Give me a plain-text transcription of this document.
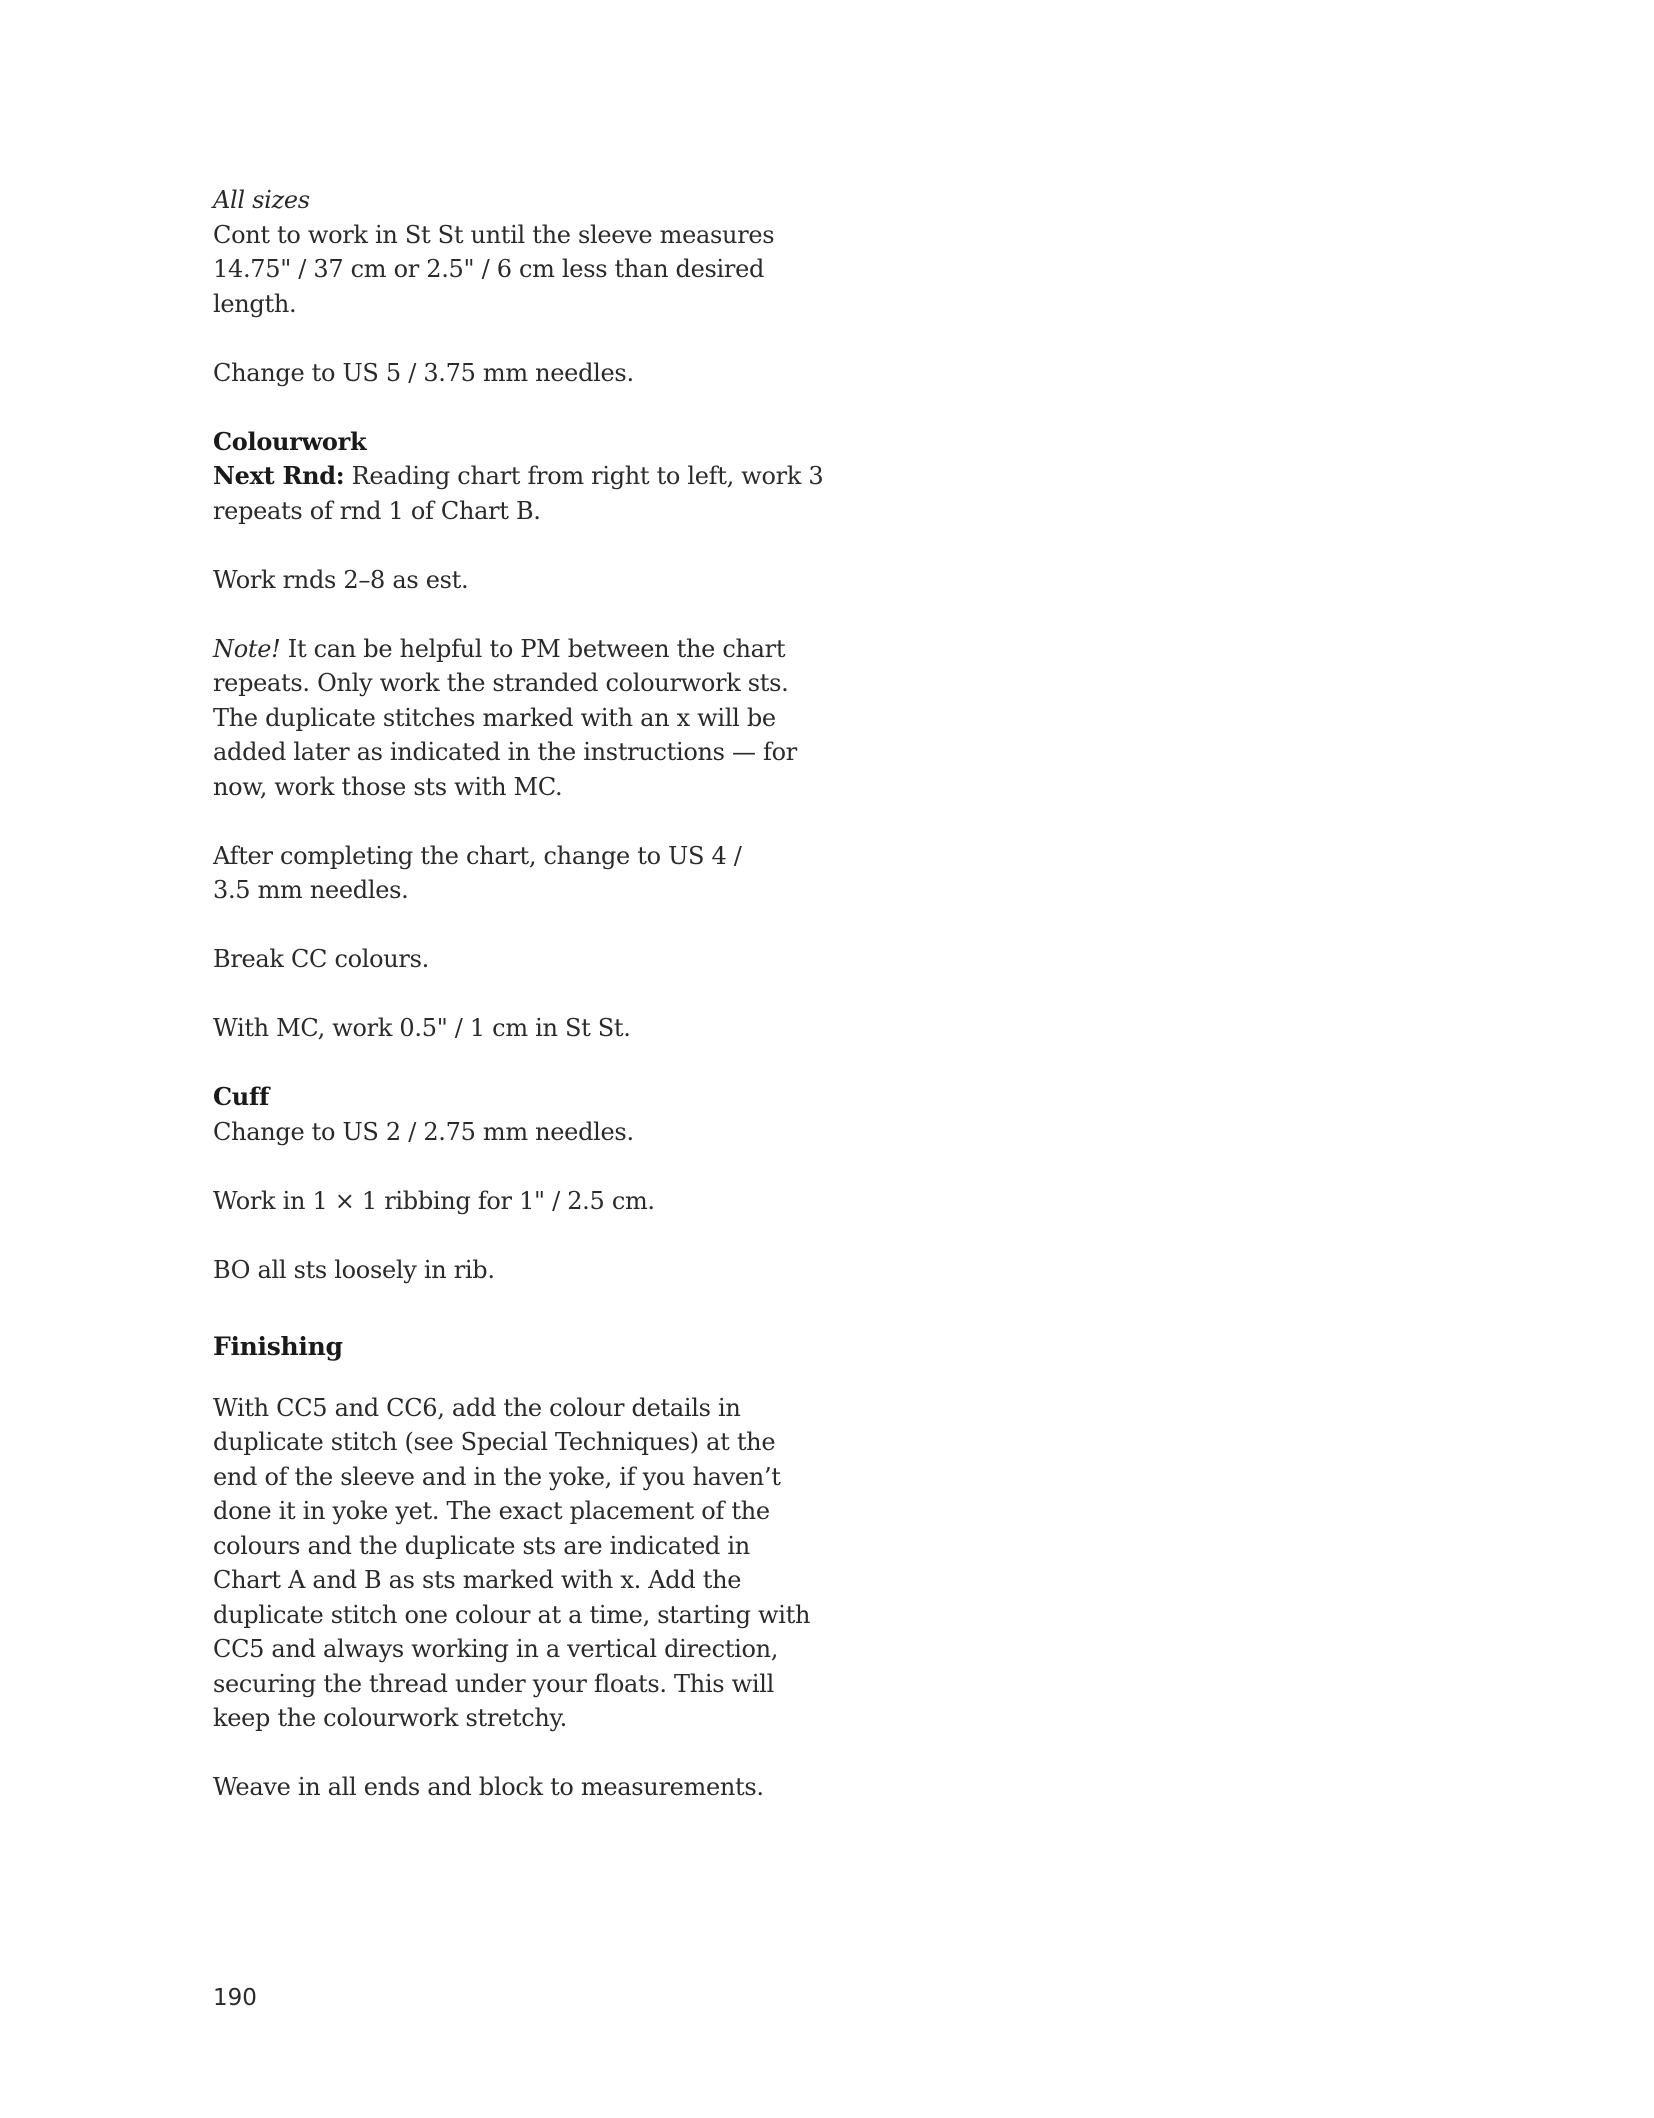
All sizes

Cont to work in St St until the sleeve measures
14.75" / 37 cm or 2.5" / 6 cm less than desired
length.

Change to US 5 / 3.75 mm needles.

Colourwork

Next Rnd: Reading chart from right to left, work 3
repeats of rnd 1 of Chart B.

Work rnds 2–8 as est.

Note! It can be helpful to PM between the chart
repeats. Only work the stranded colourwork sts.
The duplicate stitches marked with an x will be
added later as indicated in the instructions — for
now, work those sts with MC.

After completing the chart, change to US 4 /
3.5 mm needles.

Break CC colours.

With MC, work 0.5" / 1 cm in St St.

Cuff

Change to US 2 / 2.75 mm needles.

Work in 1 × 1 ribbing for 1" / 2.5 cm.

BO all sts loosely in rib.

Finishing

With CC5 and CC6, add the colour details in
duplicate stitch (see Special Techniques) at the
end of the sleeve and in the yoke, if you haven’t
done it in yoke yet. The exact placement of the
colours and the duplicate sts are indicated in
Chart A and B as sts marked with x. Add the
duplicate stitch one colour at a time, starting with
CC5 and always working in a vertical direction,
securing the thread under your floats. This will
keep the colourwork stretchy.

Weave in all ends and block to measurements.

190
